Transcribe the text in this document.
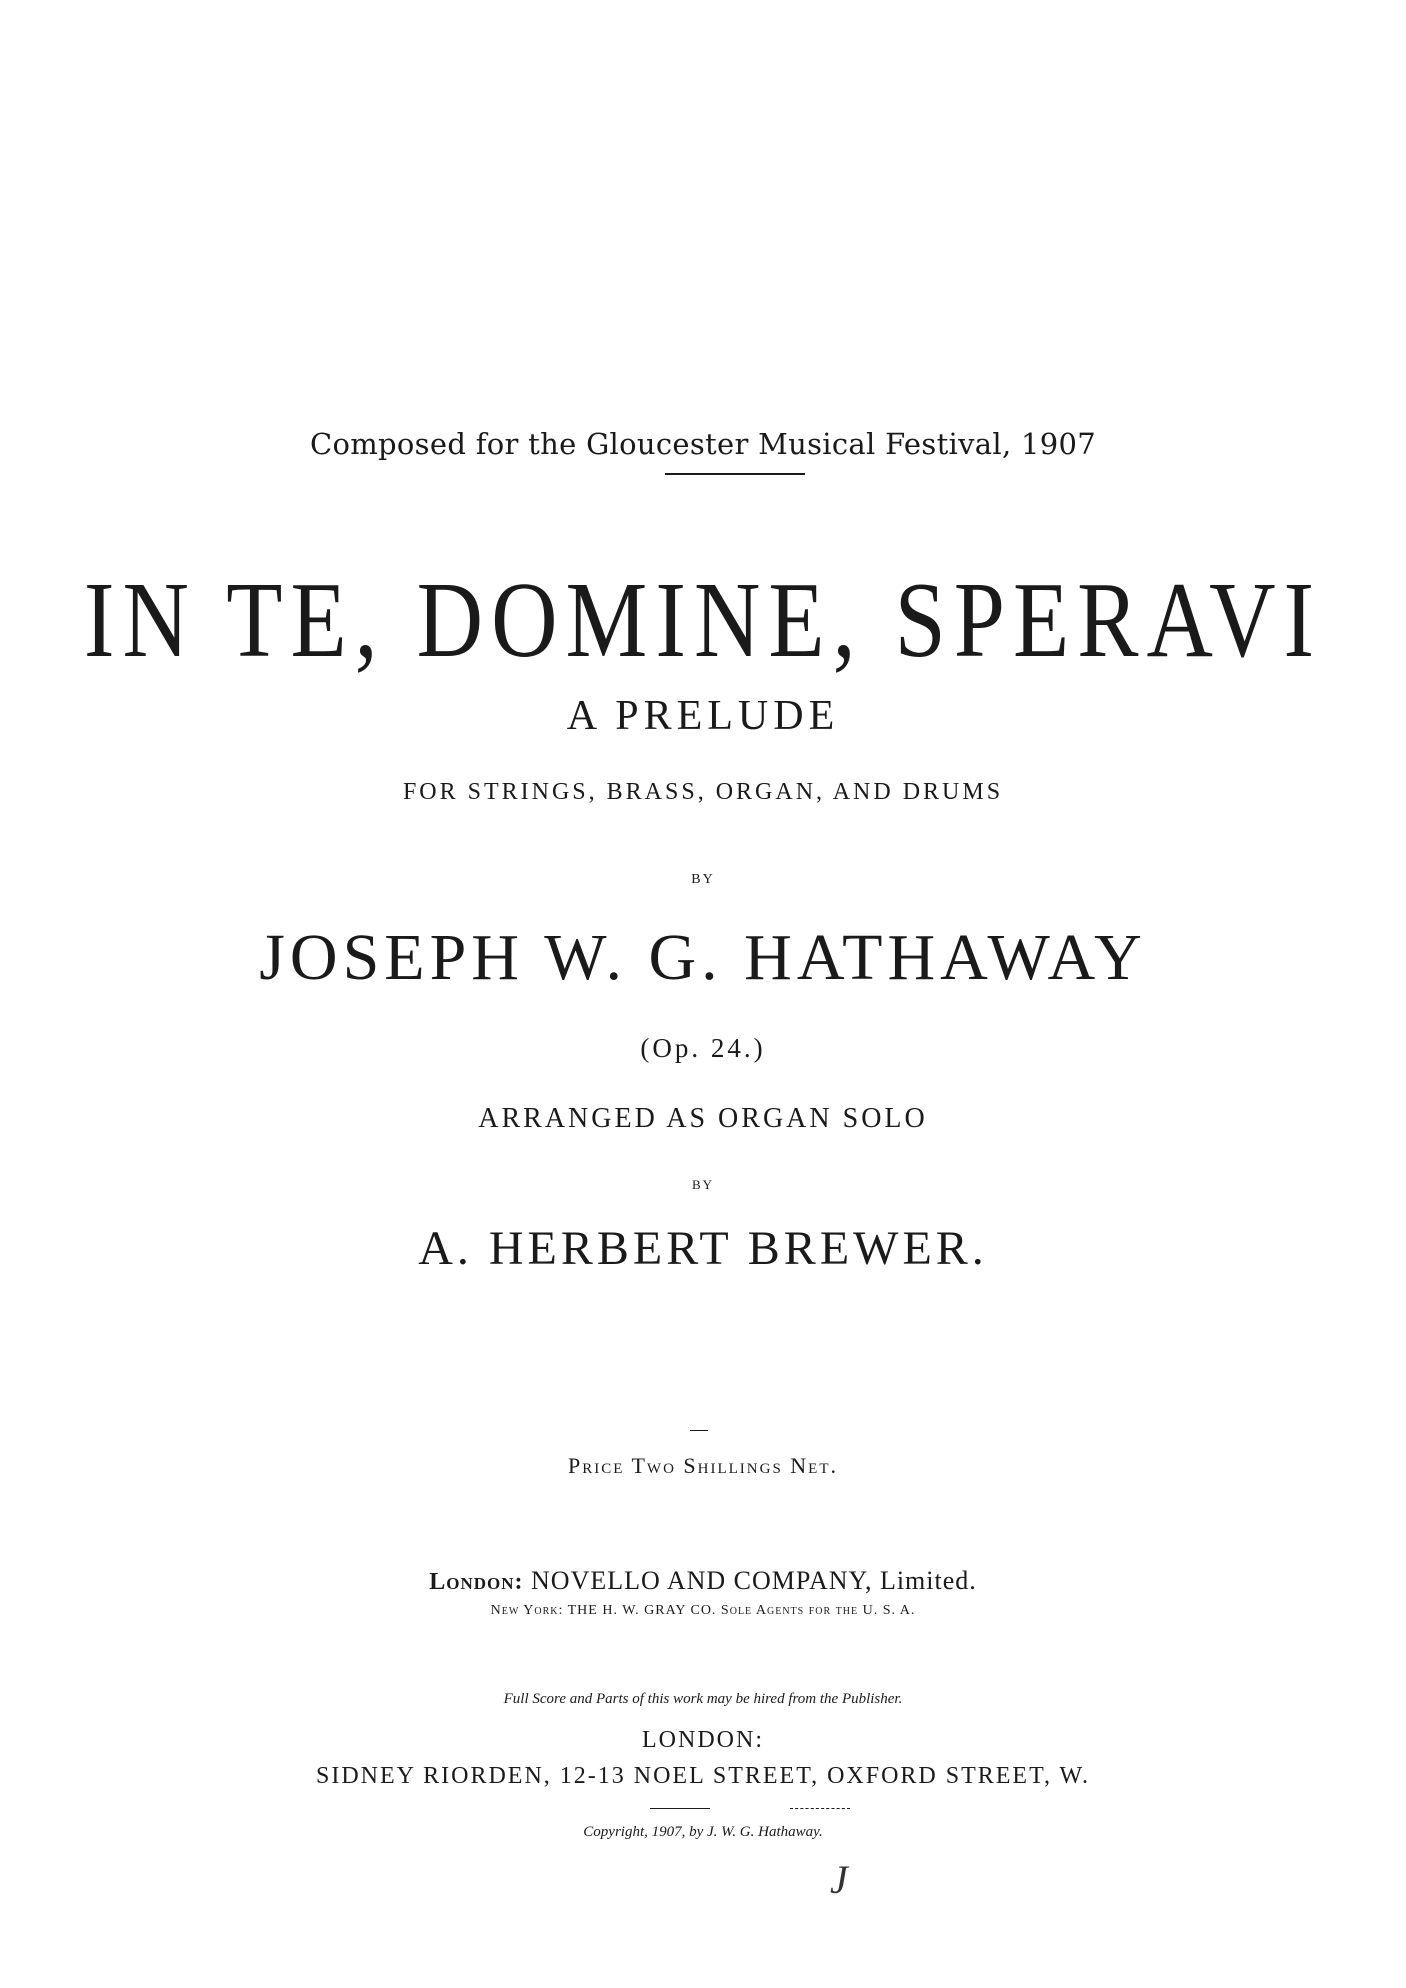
Composed for the Gloucester Musical Festival, 1907
IN TE, DOMINE, SPERAVI
A PRELUDE
FOR STRINGS, BRASS, ORGAN, AND DRUMS
BY
JOSEPH W. G. HATHAWAY
(Op. 24.)
ARRANGED AS ORGAN SOLO
BY
A. HERBERT BREWER.
Price Two Shillings Net.
London: NOVELLO AND COMPANY, Limited.
New York: THE H. W. GRAY CO. Sole Agents for the U. S. A.
Full Score and Parts of this work may be hired from the Publisher.
LONDON:
SIDNEY RIORDEN, 12-13 NOEL STREET, OXFORD STREET, W.
Copyright, 1907, by J. W. G. Hathaway.
J
